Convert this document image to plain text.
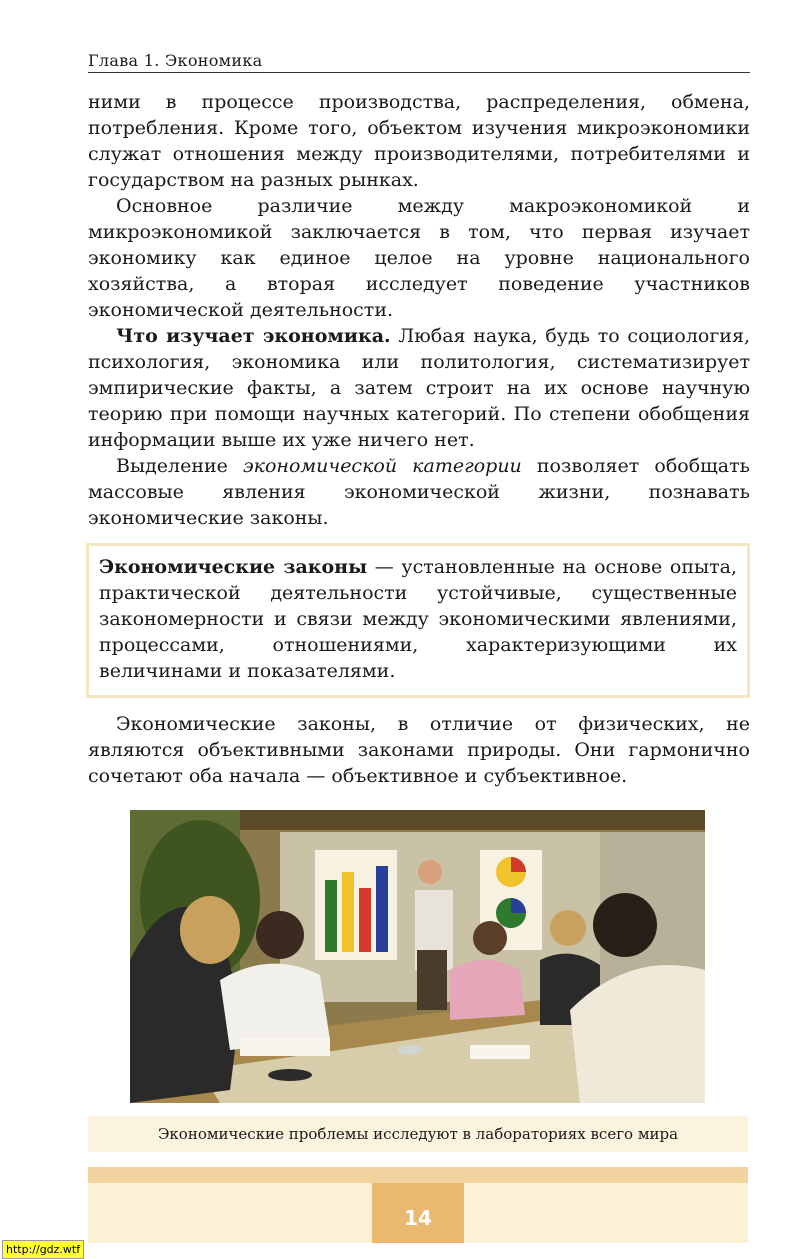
Глава 1. Экономика

ними в процессе производства, распределения, обмена, потребления. Кроме того, объектом изучения микроэкономики служат отношения между производителями, потребителями и государством на разных рынках.

Основное различие между макроэкономикой и микроэкономикой заключается в том, что первая изучает экономику как единое целое на уровне национального хозяйства, а вторая исследует поведение участников экономической деятельности.

Что изучает экономика. Любая наука, будь то социология, психология, экономика или политология, систематизирует эмпирические факты, а затем строит на их основе научную теорию при помощи научных категорий. По степени обобщения информации выше их уже ничего нет.

Выделение экономической категории позволяет обобщать массовые явления экономической жизни, познавать экономические законы.

Экономические законы — установленные на основе опыта, практической деятельности устойчивые, существенные закономерности и связи между экономическими явлениями, процессами, отношениями, характеризующими их величинами и показателями.

Экономические законы, в отличие от физических, не являются объективными законами природы. Они гармонично сочетают оба начала — объективное и субъективное.

Экономические проблемы исследуют в лабораториях всего мира
14
http://gdz.wtf
